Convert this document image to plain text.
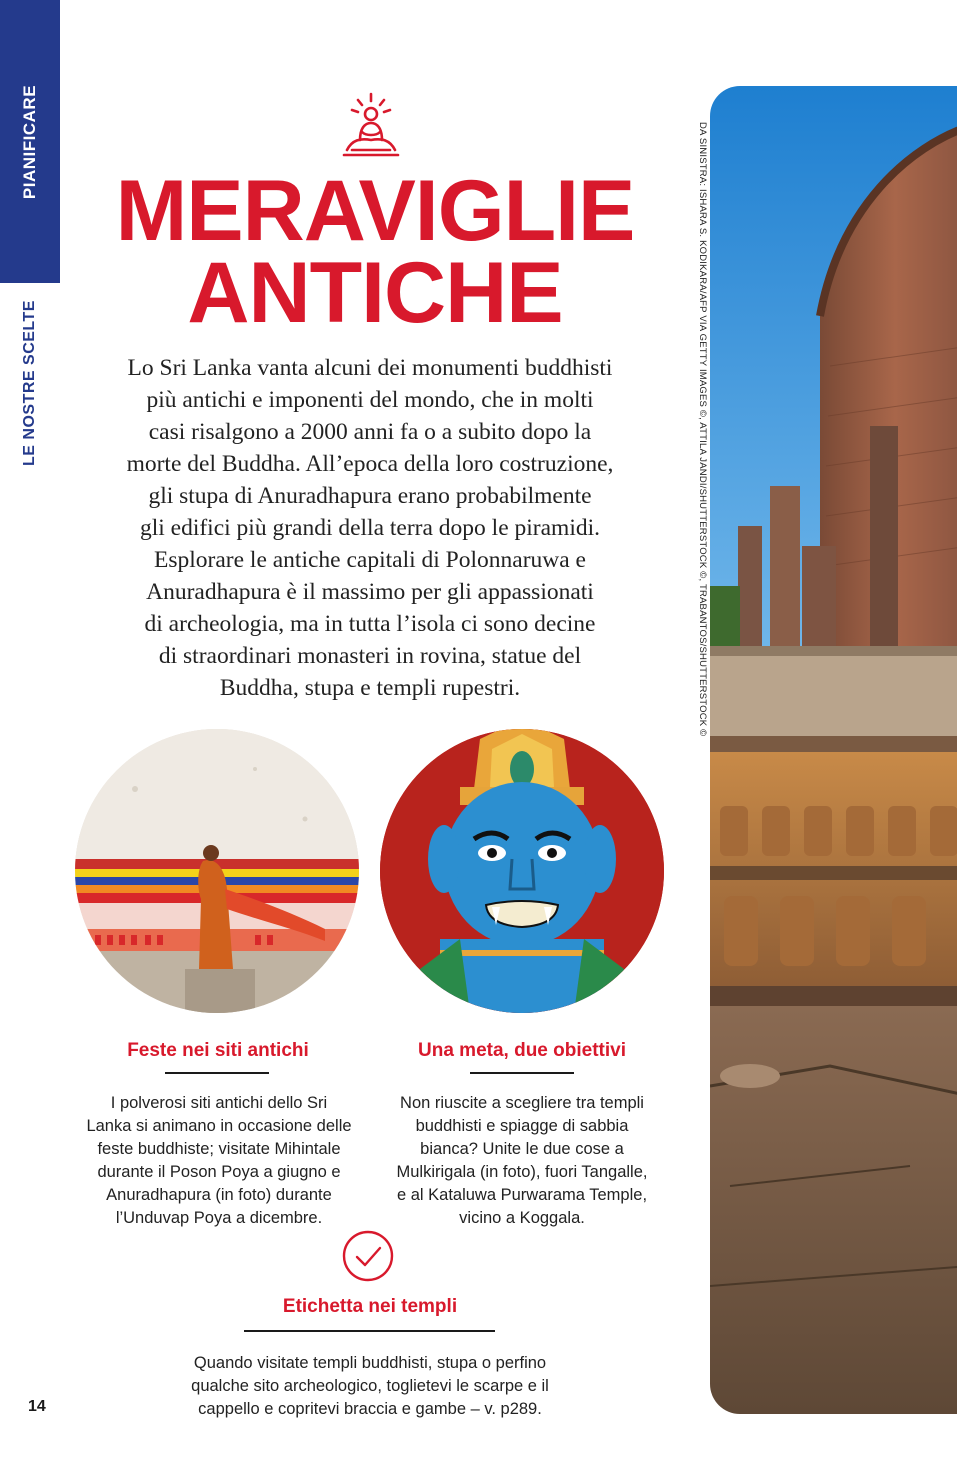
PIANIFICARE
LE NOSTRE SCELTE
MERAVIGLIE
ANTICHE
Lo Sri Lanka vanta alcuni dei monumenti buddhisti
più antichi e imponenti del mondo, che in molti
casi risalgono a 2000 anni fa o a subito dopo la
morte del Buddha. All’epoca della loro costruzione,
gli stupa di Anuradhapura erano probabilmente
gli edifici più grandi della terra dopo le piramidi.
Esplorare le antiche capitali di Polonnaruwa e
Anuradhapura è il massimo per gli appassionati
di archeologia, ma in tutta l’isola ci sono decine
di straordinari monasteri in rovina, statue del
Buddha, stupa e templi rupestri.
Feste nei siti antichi
I polverosi siti antichi dello Sri
Lanka si animano in occasione delle
feste buddhiste; visitate Mihintale
durante il Poson Poya a giugno e
Anuradhapura (in foto) durante
l’Unduvap Poya a dicembre.
Una meta, due obiettivi
Non riuscite a scegliere tra templi
buddhisti e spiagge di sabbia
bianca? Unite le due cose a
Mulkirigala (in foto), fuori Tangalle,
e al Kataluwa Purwarama Temple,
vicino a Koggala.
Etichetta nei templi
Quando visitate templi buddhisti, stupa o perfino
qualche sito archeologico, toglietevi le scarpe e il
cappello e copritevi braccia e gambe – v. p289.
14
DA SINISTRA: ISHARA S. KODIKARA/AFP VIA GETTY IMAGES ©, ATTILA JANDI/SHUTTERSTOCK ©, TRABANTOS/SHUTTERSTOCK ©
